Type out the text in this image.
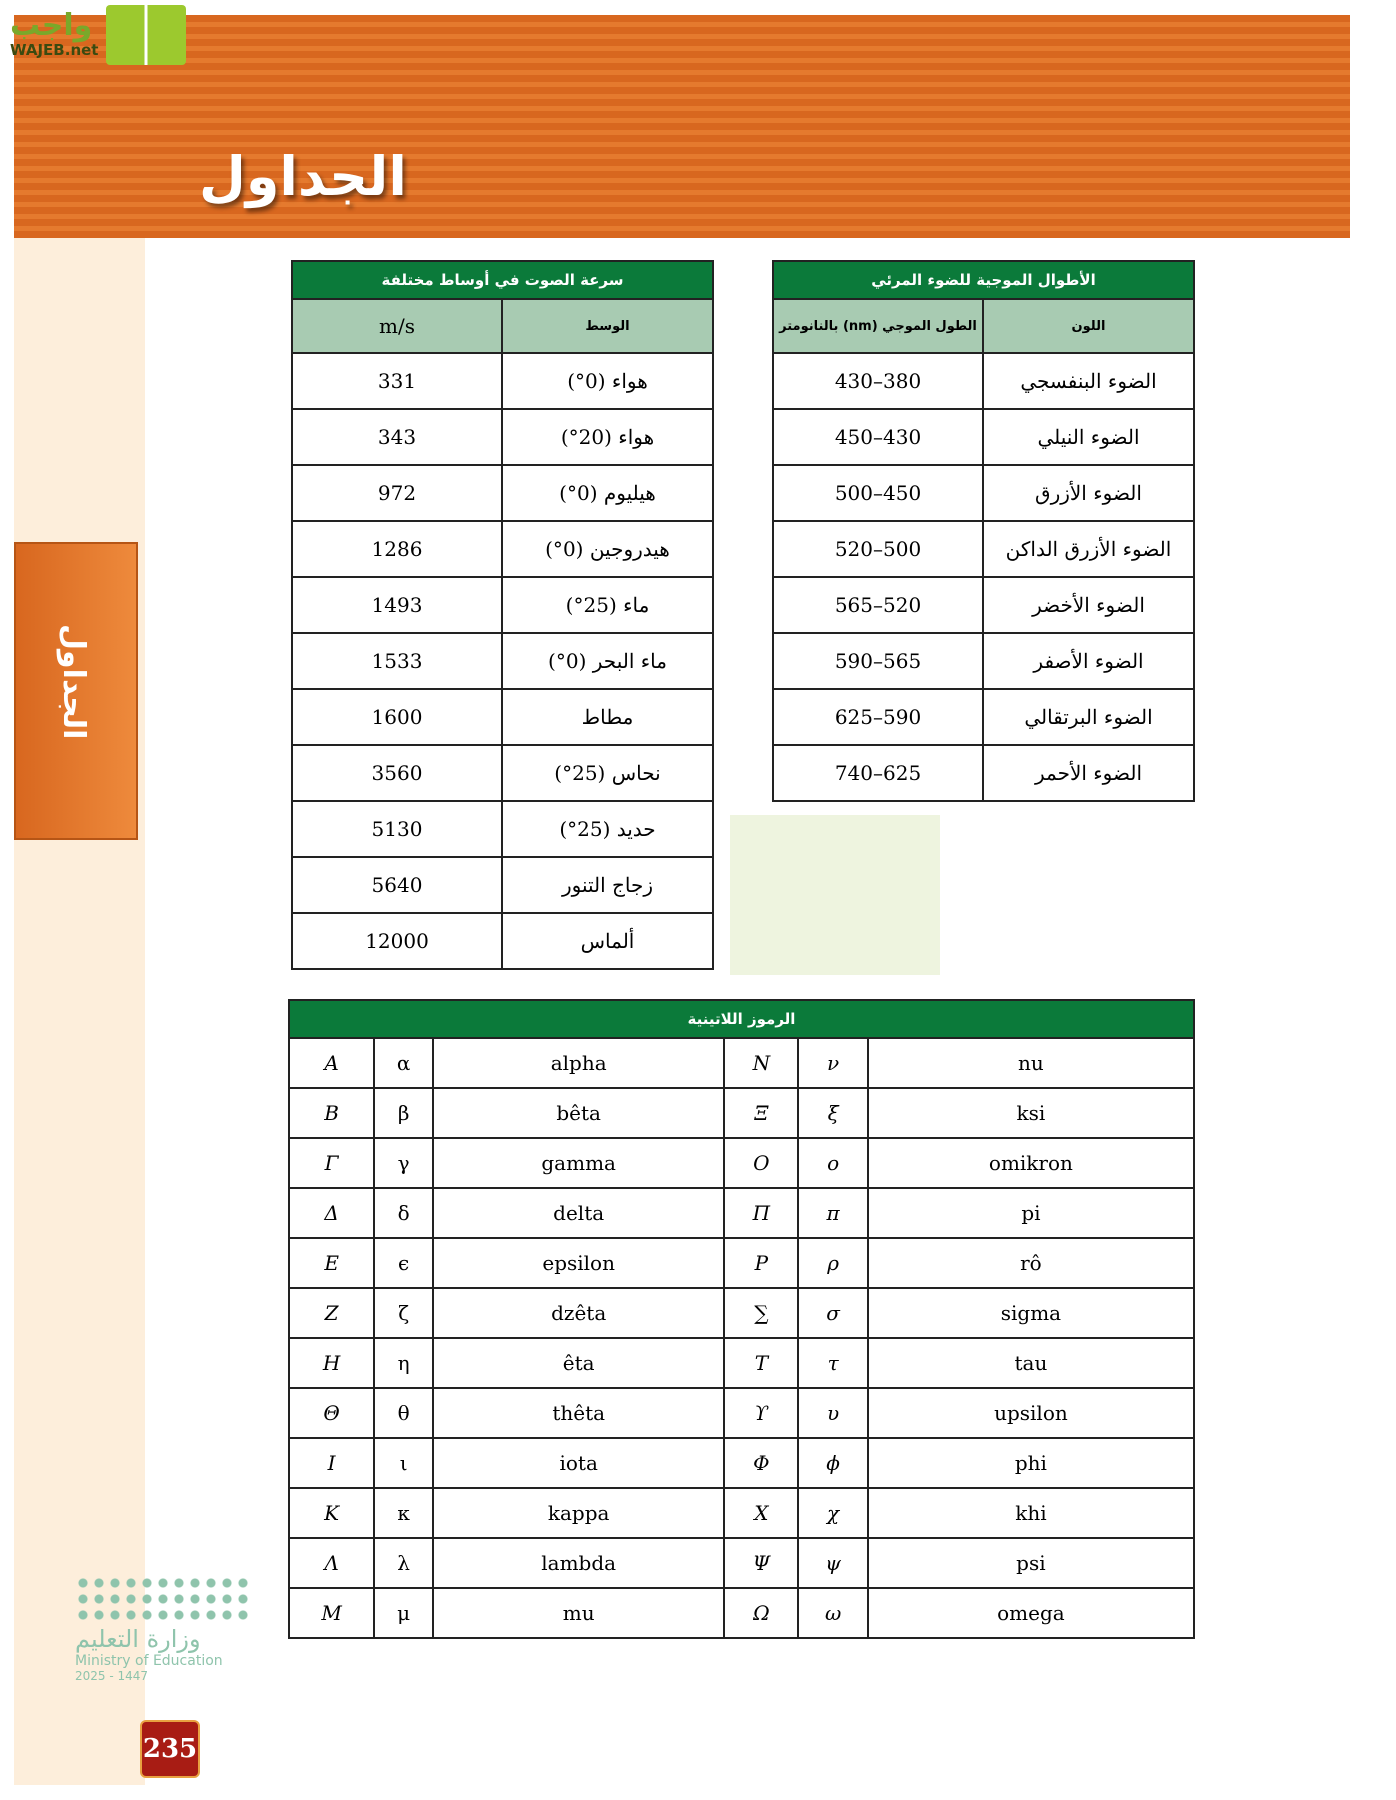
الجداول
واجب
WAJEB.net
الجداول
سرعة الصوت في أوساط مختلفة	
الوسط	m/s
هواء (0°)	331
هواء (20°)	343
هيليوم (0°)	972
هيدروجين (0°)	1286
ماء (25°)	1493
ماء البحر (0°)	1533
مطاط	1600
نحاس (25°)	3560
حديد (25°)	5130
زجاج التنور	5640
ألماس	12000
الأطوال الموجية للضوء المرئي	
اللون	الطول الموجي (nm) بالنانومتر
الضوء البنفسجي	380–430
الضوء النيلي	430–450
الضوء الأزرق	450–500
الضوء الأزرق الداكن	500–520
الضوء الأخضر	520–565
الضوء الأصفر	565–590
الضوء البرتقالي	590–625
الضوء الأحمر	625–740
الرموز اللاتينية					
A	α	alpha	N	ν	nu
B	β	bêta	Ξ	ξ	ksi
Γ	γ	gamma	O	o	omikron
Δ	δ	delta	Π	π	pi
E	ϵ	epsilon	P	ρ	rô
Z	ζ	dzêta	∑	σ	sigma
H	η	êta	T	τ	tau
Θ	θ	thêta	ϒ	υ	upsilon
I	ι	iota	Φ	ϕ	phi
K	κ	kappa	X	χ	khi
Λ	λ	lambda	Ψ	ψ	psi
M	μ	mu	Ω	ω	omega
وزارة التعليم
Ministry of Education
2025 - 1447
235
